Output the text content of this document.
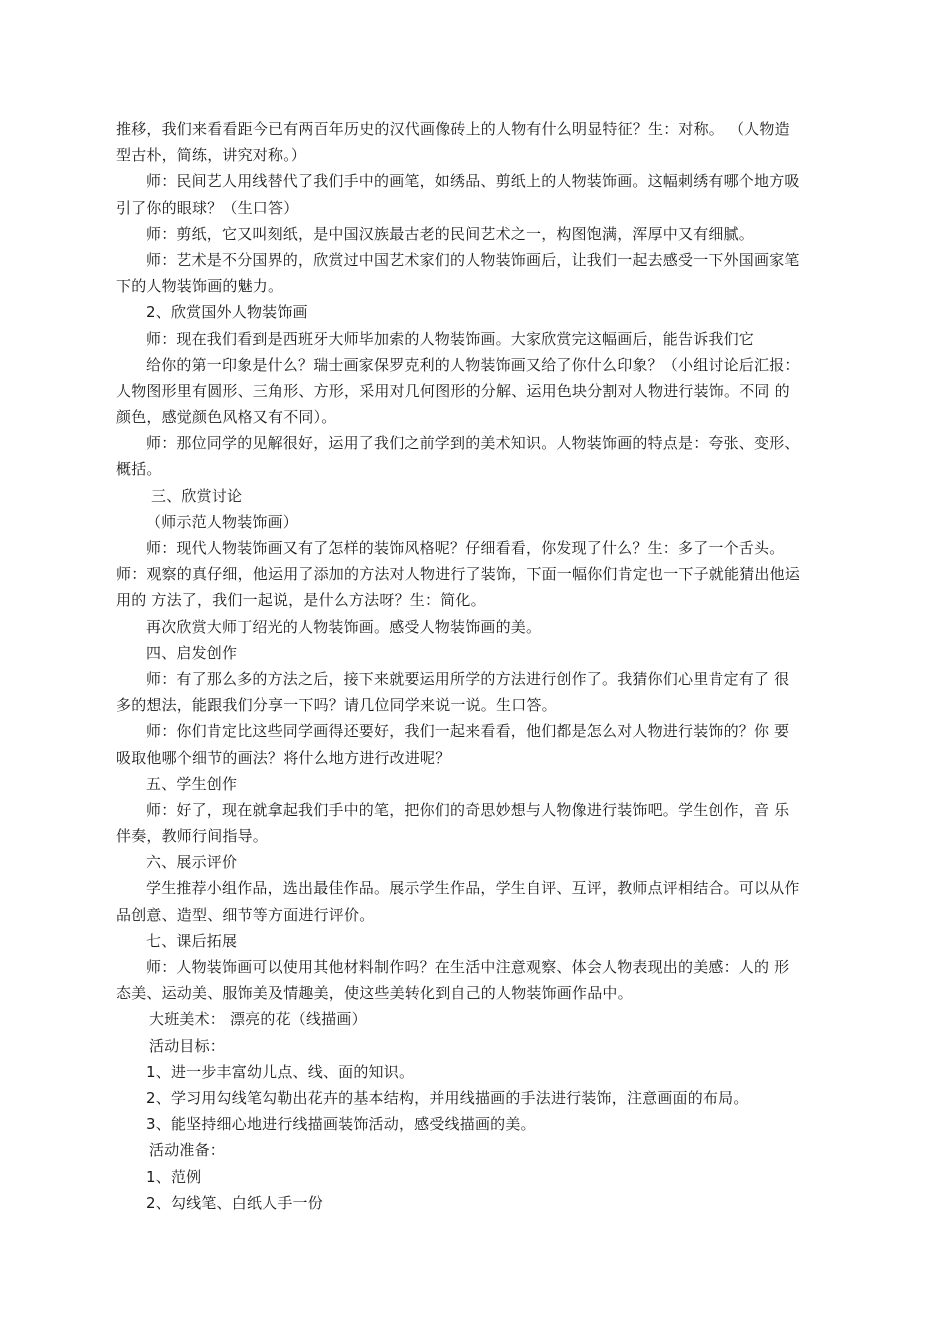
推移，我们来看看距今已有两百年历史的汉代画像砖上的人物有什么明显特征？生：对称。 （人物造
型古朴，简练，讲究对称。）
师：民间艺人用线替代了我们手中的画笔，如绣品、剪纸上的人物装饰画。这幅刺绣有哪个地方吸
引了你的眼球？（生口答）
师：剪纸，它又叫刻纸，是中国汉族最古老的民间艺术之一，构图饱满，浑厚中又有细腻。
师：艺术是不分国界的，欣赏过中国艺术家们的人物装饰画后，让我们一起去感受一下外国画家笔
下的人物装饰画的魅力。
2、欣赏国外人物装饰画
师：现在我们看到是西班牙大师毕加索的人物装饰画。大家欣赏完这幅画后，能告诉我们它
给你的第一印象是什么？瑞士画家保罗克利的人物装饰画又给了你什么印象？（小组讨论后汇报：
人物图形里有圆形、三角形、方形，采用对几何图形的分解、运用色块分割对人物进行装饰。不同 的
颜色，感觉颜色风格又有不同）。
师：那位同学的见解很好，运用了我们之前学到的美术知识。人物装饰画的特点是：夸张、变形、
概括。
三、欣赏讨论
（师示范人物装饰画）
师：现代人物装饰画又有了怎样的装饰风格呢？仔细看看，你发现了什么？生：多了一个舌头。
师：观察的真仔细，他运用了添加的方法对人物进行了装饰，下面一幅你们肯定也一下子就能猜出他运
用的 方法了，我们一起说，是什么方法呀？生：简化。
再次欣赏大师丁绍光的人物装饰画。感受人物装饰画的美。
四、启发创作
师：有了那么多的方法之后，接下来就要运用所学的方法进行创作了。我猜你们心里肯定有了 很
多的想法，能跟我们分享一下吗？请几位同学来说一说。生口答。
师：你们肯定比这些同学画得还要好，我们一起来看看，他们都是怎么对人物进行装饰的？你 要
吸取他哪个细节的画法？将什么地方进行改进呢？
五、学生创作
师：好了，现在就拿起我们手中的笔，把你们的奇思妙想与人物像进行装饰吧。学生创作，音 乐
伴奏，教师行间指导。
六、展示评价
学生推荐小组作品，选出最佳作品。展示学生作品，学生自评、互评，教师点评相结合。可以从作
品创意、造型、细节等方面进行评价。
七、课后拓展
师：人物装饰画可以使用其他材料制作吗？在生活中注意观察、体会人物表现出的美感：人的 形
态美、运动美、服饰美及情趣美，使这些美转化到自己的人物装饰画作品中。
大班美术： 漂亮的花（线描画）
活动目标：
1、进一步丰富幼儿点、线、面的知识。
2、学习用勾线笔勾勒出花卉的基本结构，并用线描画的手法进行装饰，注意画面的布局。
3、能坚持细心地进行线描画装饰活动，感受线描画的美。
活动准备：
1、范例
2、勾线笔、白纸人手一份
